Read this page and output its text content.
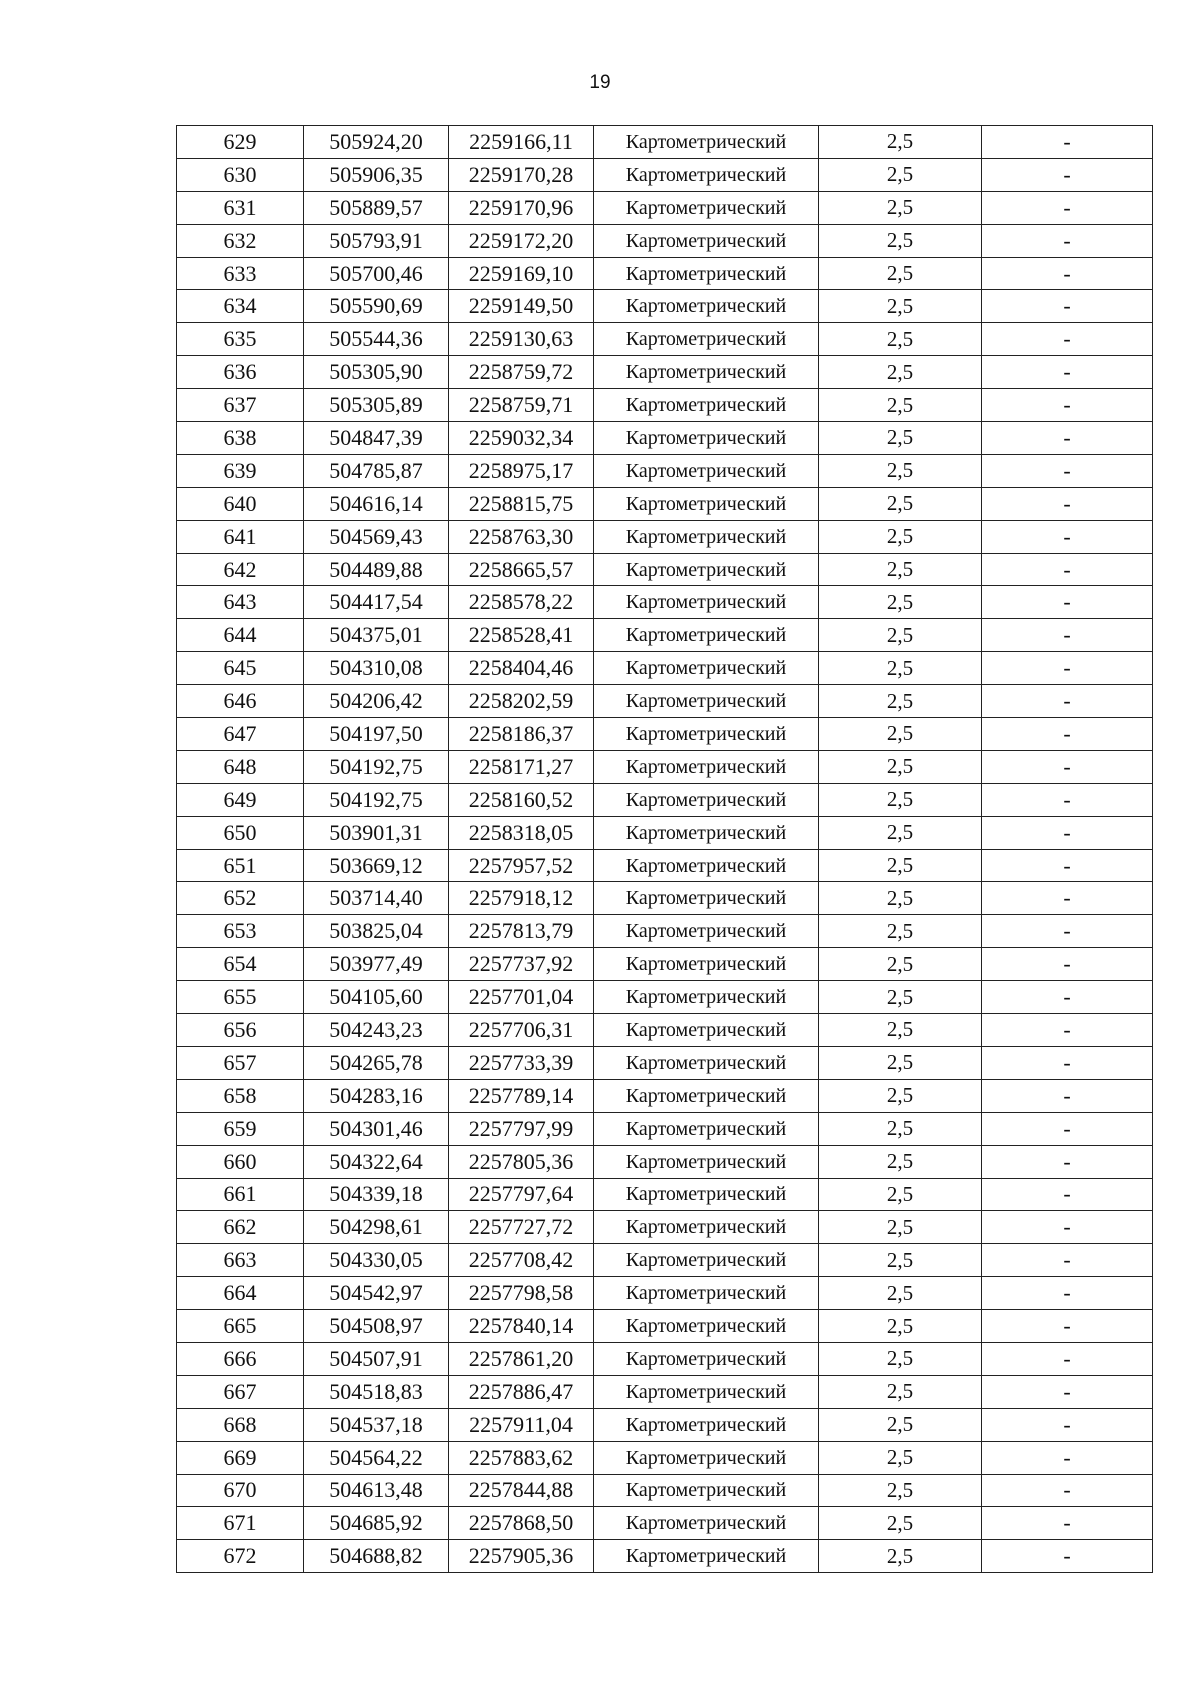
19
629	505924,20	2259166,11	Картометрический	2,5	-
630	505906,35	2259170,28	Картометрический	2,5	-
631	505889,57	2259170,96	Картометрический	2,5	-
632	505793,91	2259172,20	Картометрический	2,5	-
633	505700,46	2259169,10	Картометрический	2,5	-
634	505590,69	2259149,50	Картометрический	2,5	-
635	505544,36	2259130,63	Картометрический	2,5	-
636	505305,90	2258759,72	Картометрический	2,5	-
637	505305,89	2258759,71	Картометрический	2,5	-
638	504847,39	2259032,34	Картометрический	2,5	-
639	504785,87	2258975,17	Картометрический	2,5	-
640	504616,14	2258815,75	Картометрический	2,5	-
641	504569,43	2258763,30	Картометрический	2,5	-
642	504489,88	2258665,57	Картометрический	2,5	-
643	504417,54	2258578,22	Картометрический	2,5	-
644	504375,01	2258528,41	Картометрический	2,5	-
645	504310,08	2258404,46	Картометрический	2,5	-
646	504206,42	2258202,59	Картометрический	2,5	-
647	504197,50	2258186,37	Картометрический	2,5	-
648	504192,75	2258171,27	Картометрический	2,5	-
649	504192,75	2258160,52	Картометрический	2,5	-
650	503901,31	2258318,05	Картометрический	2,5	-
651	503669,12	2257957,52	Картометрический	2,5	-
652	503714,40	2257918,12	Картометрический	2,5	-
653	503825,04	2257813,79	Картометрический	2,5	-
654	503977,49	2257737,92	Картометрический	2,5	-
655	504105,60	2257701,04	Картометрический	2,5	-
656	504243,23	2257706,31	Картометрический	2,5	-
657	504265,78	2257733,39	Картометрический	2,5	-
658	504283,16	2257789,14	Картометрический	2,5	-
659	504301,46	2257797,99	Картометрический	2,5	-
660	504322,64	2257805,36	Картометрический	2,5	-
661	504339,18	2257797,64	Картометрический	2,5	-
662	504298,61	2257727,72	Картометрический	2,5	-
663	504330,05	2257708,42	Картометрический	2,5	-
664	504542,97	2257798,58	Картометрический	2,5	-
665	504508,97	2257840,14	Картометрический	2,5	-
666	504507,91	2257861,20	Картометрический	2,5	-
667	504518,83	2257886,47	Картометрический	2,5	-
668	504537,18	2257911,04	Картометрический	2,5	-
669	504564,22	2257883,62	Картометрический	2,5	-
670	504613,48	2257844,88	Картометрический	2,5	-
671	504685,92	2257868,50	Картометрический	2,5	-
672	504688,82	2257905,36	Картометрический	2,5	-
